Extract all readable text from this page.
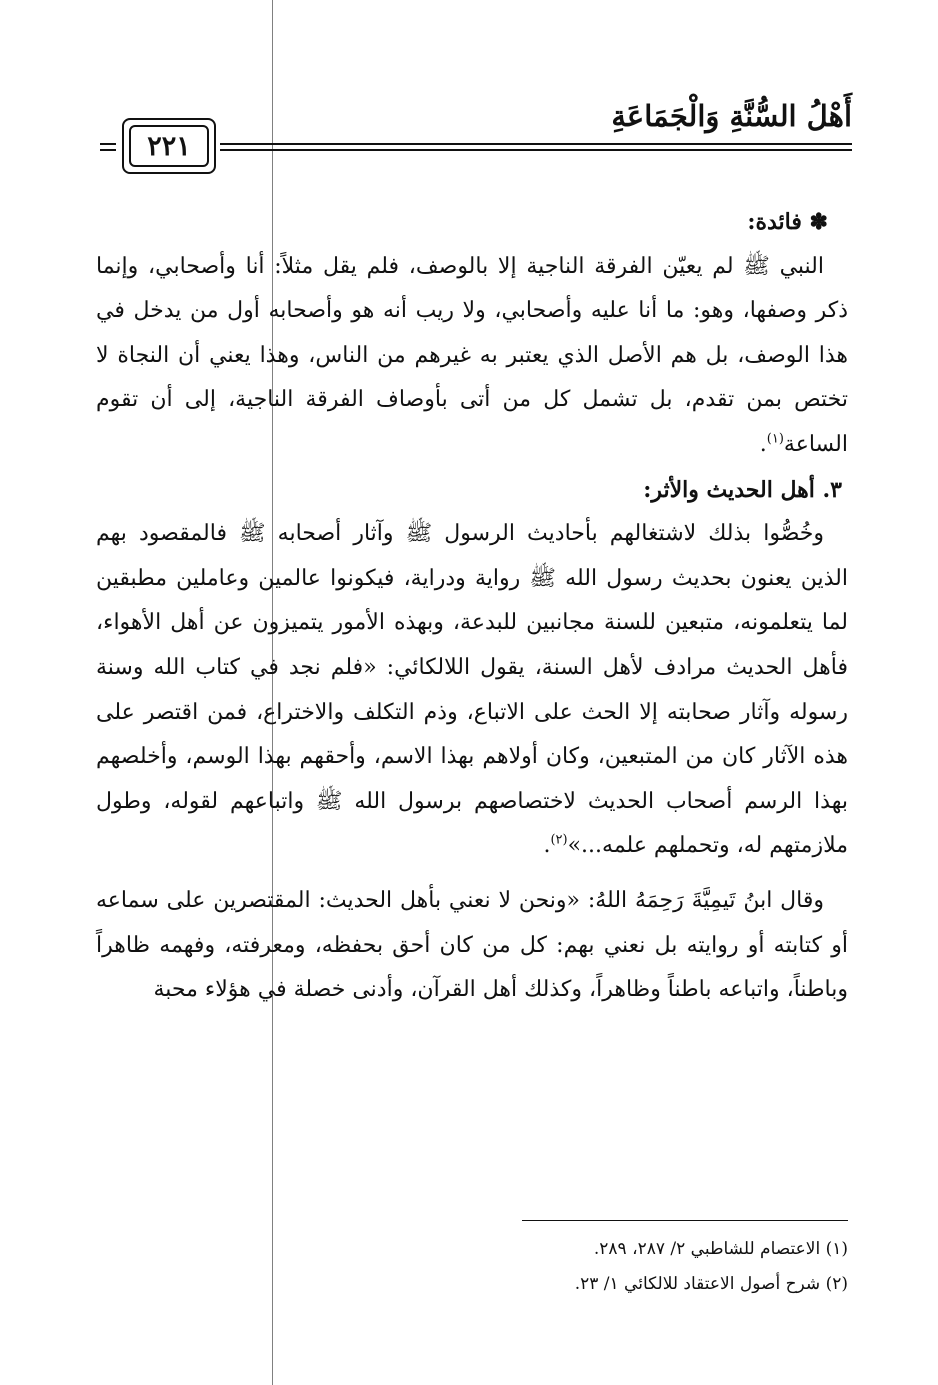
أَهْلُ السُّنَّةِ وَالْجَمَاعَةِ
٢٢١
✽ فائدة:

النبي ﷺ لم يعيّن الفرقة الناجية إلا بالوصف، فلم يقل مثلاً: أنا وأصحابي، وإنما ذكر وصفها، وهو: ما أنا عليه وأصحابي، ولا ريب أنه هو وأصحابه أول من يدخل في هذا الوصف، بل هم الأصل الذي يعتبر به غيرهم من الناس، وهذا يعني أن النجاة لا تختص بمن تقدم، بل تشمل كل من أتى بأوصاف الفرقة الناجية، إلى أن تقوم الساعة$^{(١)}$.

٣. أهل الحديث والأثر:

وخُصُّوا بذلك لاشتغالهم بأحاديث الرسول ﷺ وآثار أصحابه ﷺ فالمقصود بهم الذين يعنون بحديث رسول الله ﷺ رواية ودراية، فيكونوا عالمين وعاملين مطبقين لما يتعلمونه، متبعين للسنة مجانبين للبدعة، وبهذه الأمور يتميزون عن أهل الأهواء، فأهل الحديث مرادف لأهل السنة، يقول اللالكائي: «فلم نجد في كتاب الله وسنة رسوله وآثار صحابته إلا الحث على الاتباع، وذم التكلف والاختراع، فمن اقتصر على هذه الآثار كان من المتبعين، وكان أولاهم بهذا الاسم، وأحقهم بهذا الوسم، وأخلصهم بهذا الرسم أصحاب الحديث لاختصاصهم برسول الله ﷺ واتباعهم لقوله، وطول ملازمتهم له، وتحملهم علمه...»$^{(٢)}$.

وقال ابنُ تَيمِيَّةَ رَحِمَهُ اللهُ: «ونحن لا نعني بأهل الحديث: المقتصرين على سماعه أو كتابته أو روايته بل نعني بهم: كل من كان أحق بحفظه، ومعرفته، وفهمه ظاهراً وباطناً، واتباعه باطناً وظاهراً، وكذلك أهل القرآن، وأدنى خصلة في هؤلاء محبة

(١) الاعتصام للشاطبي ٢/ ٢٨٧، ٢٨٩.
(٢) شرح أصول الاعتقاد للالكائي ١/ ٢٣.
